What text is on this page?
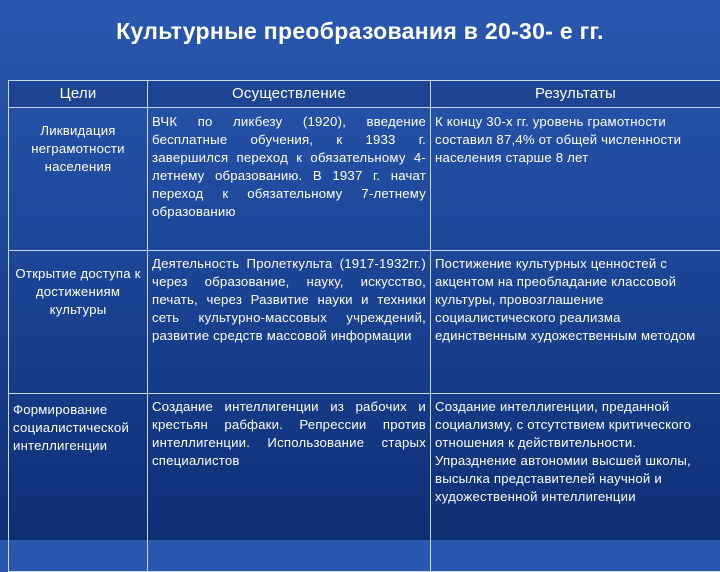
Культурные преобразования в 20-30- е гг.
Цели	Осуществление	Результаты
Ликвидация неграмотности населения	ВЧК по ликбезу (1920), введение бесплатные обучения, к 1933 г. завершился переход к обязательному 4-летнему образованию. В 1937 г. начат переход к обязательному 7-летнему образованию	К концу 30-х гг. уровень грамотности составил 87,4% от общей численности населения старше 8 лет
Открытие доступа к достижениям культуры	Деятельность Пролеткульта (1917-1932гг.) через образование, науку, искусство, печать, через Развитие науки и техники сеть культурно-массовых учреждений, развитие средств массовой информации	Постижение культурных ценностей с акцентом на преобладание классовой культуры, провозглашение социалистического реализма единственным художественным методом
Формирование социалистической интеллигенции	Создание интеллигенции из рабочих и крестьян рабфаки. Репрессии против интеллигенции. Использование старых специалистов	Создание интеллигенции, преданной социализму, с отсутствием критического отношения к действительности. Упразднение автономии высшей школы, высылка представителей научной и художественной интеллигенции
